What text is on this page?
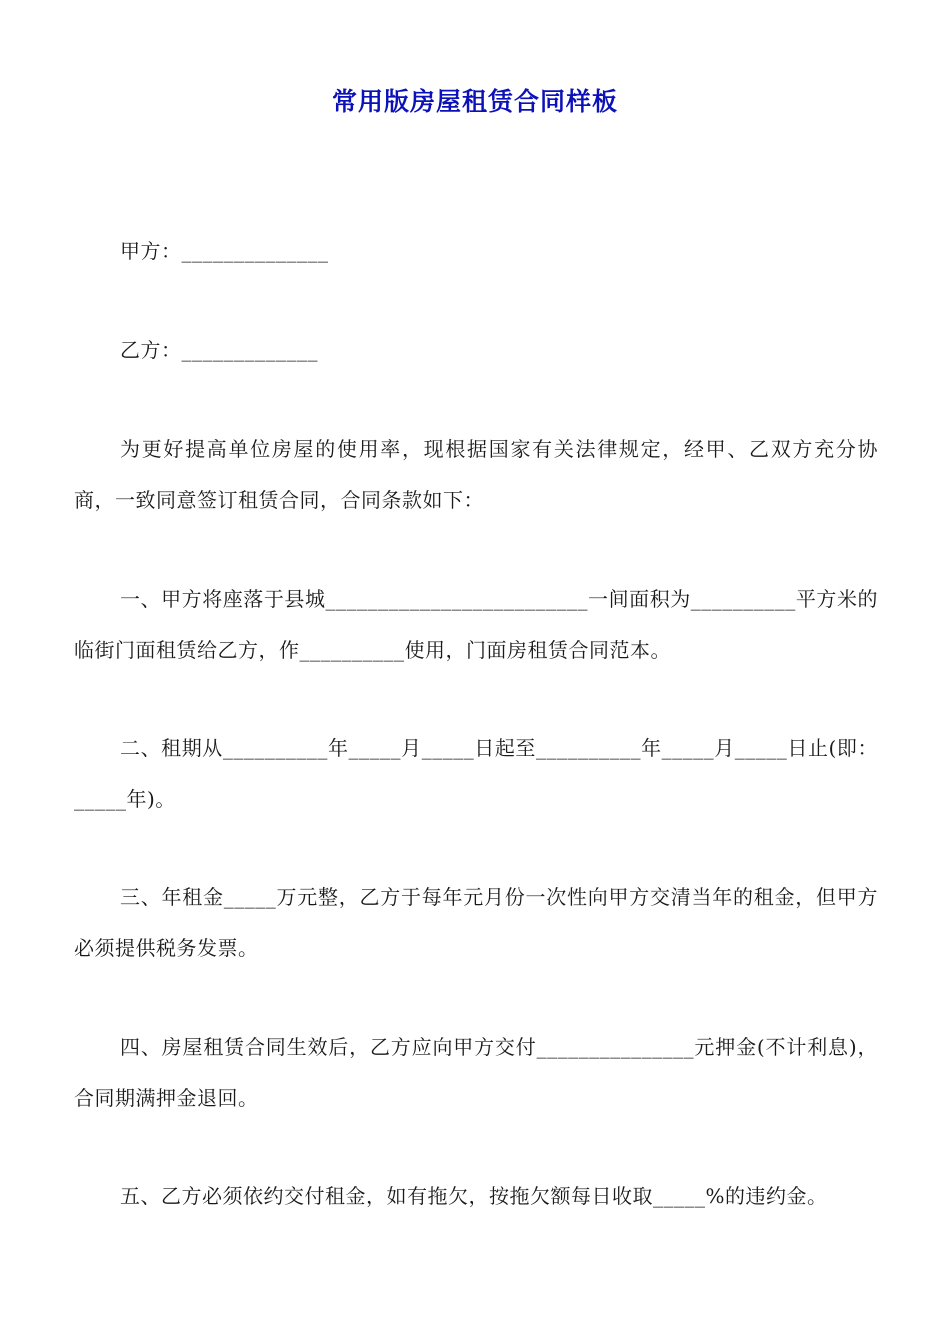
常用版房屋租赁合同样板
甲方：______________
乙方：_____________
为更好提高单位房屋的使用率，现根据国家有关法律规定，经甲、乙双方充分协商，一致同意签订租赁合同，合同条款如下：
一、甲方将座落于县城_________________________一间面积为__________平方米的临街门面租赁给乙方，作__________使用，门面房租赁合同范本。
二、租期从__________年_____月_____日起至__________年_____月_____日止(即：_____年)。
三、年租金_____万元整，乙方于每年元月份一次性向甲方交清当年的租金，但甲方必须提供税务发票。
四、房屋租赁合同生效后，乙方应向甲方交付_______________元押金(不计利息)，合同期满押金退回。
五、乙方必须依约交付租金，如有拖欠，按拖欠额每日收取_____%的违约金。
